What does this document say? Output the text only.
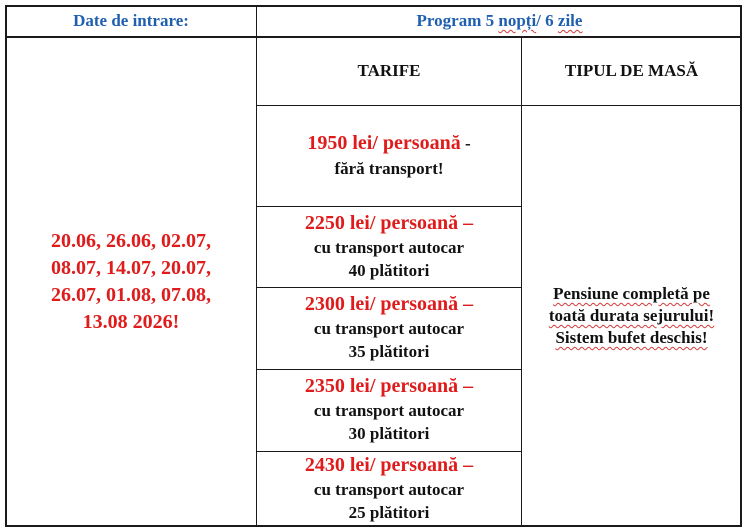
Date de intrare:	Program 5 nopți/ 6 zile
TARIFE	TIPUL DE MASĂ
20.06, 26.06, 02.07,
08.07, 14.07, 20.07,
26.07, 01.08, 07.08,
13.08 2026!
1950 lei/ persoană -
fără transport!
2250 lei/ persoană –
cu transport autocar
40 plătitori
2300 lei/ persoană –
cu transport autocar
35 plătitori
2350 lei/ persoană –
cu transport autocar
30 plătitori
2430 lei/ persoană –
cu transport autocar
25 plătitori
Pensiune completă pe
toată durata sejurului!
Sistem bufet deschis!
